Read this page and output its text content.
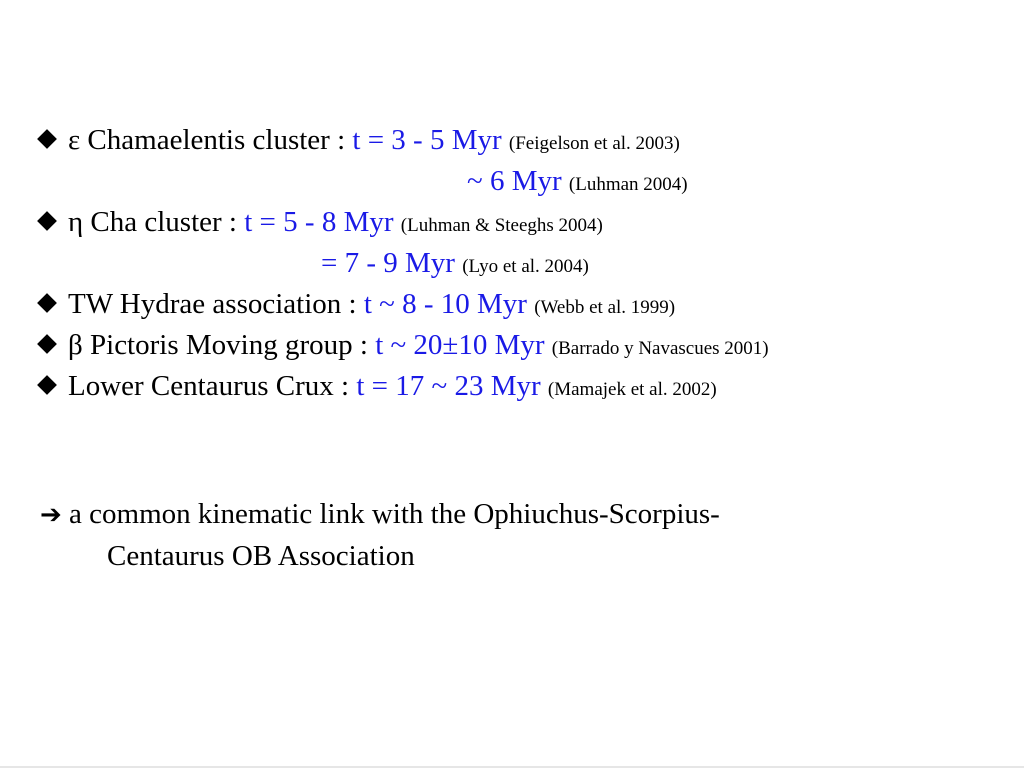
ε Chamaelentis cluster : t = 3 - 5 Myr (Feigelson et al. 2003)
~ 6 Myr (Luhman 2004)
η Cha cluster : t = 5 - 8 Myr (Luhman & Steeghs 2004)
= 7 - 9 Myr (Lyo et al. 2004)
TW Hydrae association : t ~ 8 - 10 Myr (Webb et al. 1999)
β Pictoris Moving group : t ~ 20±10 Myr (Barrado y Navascues 2001)
Lower Centaurus Crux : t = 17 ~ 23 Myr (Mamajek et al. 2002)
➔ a common kinematic link with the Ophiuchus-Scorpius-
Centaurus OB Association
